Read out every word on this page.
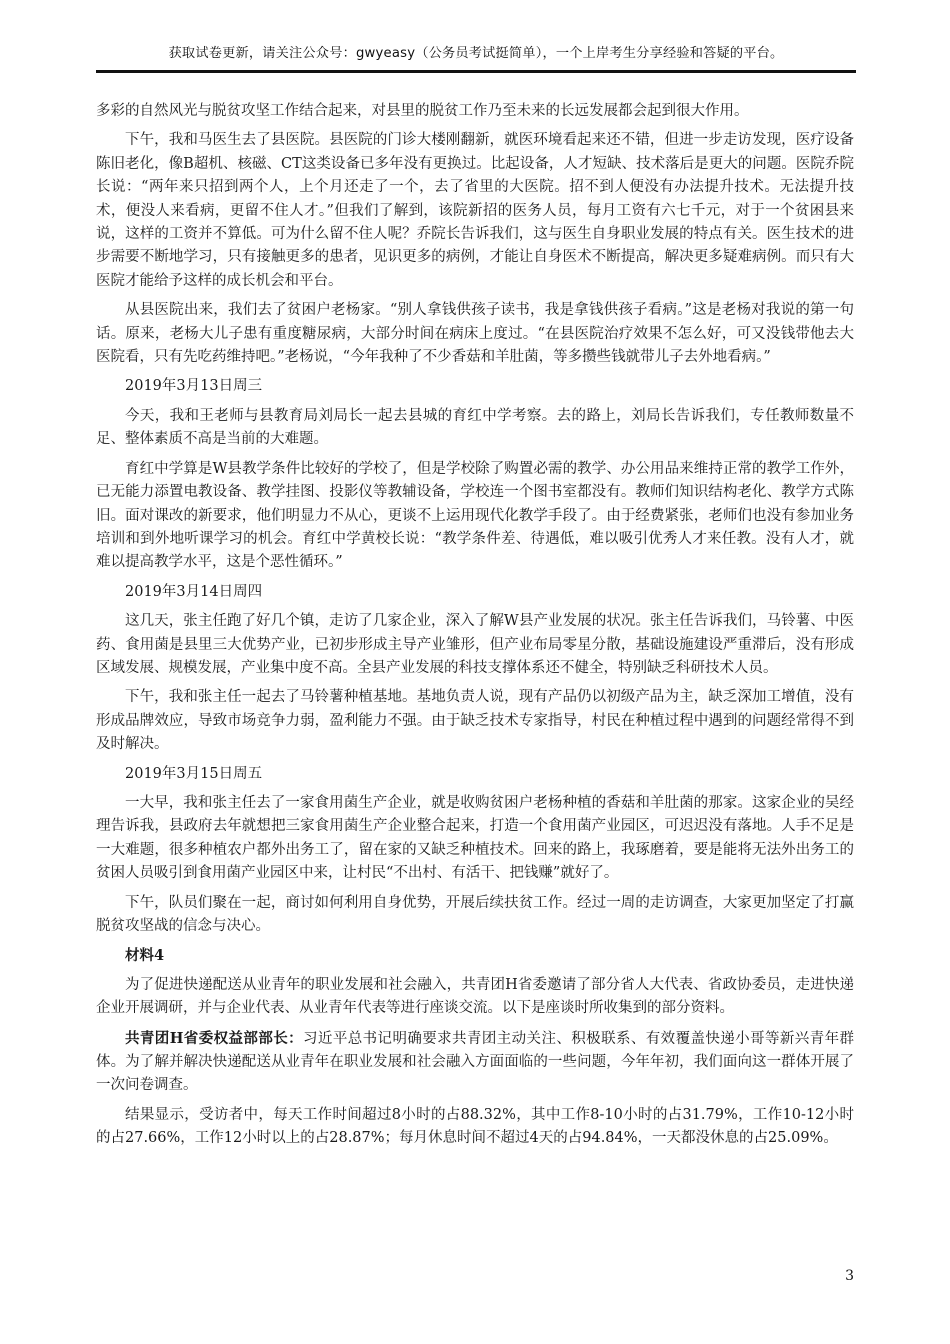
获取试卷更新，请关注公众号：gwyeasy（公务员考试挺简单），一个上岸考生分享经验和答疑的平台。

多彩的自然风光与脱贫攻坚工作结合起来，对县里的脱贫工作乃至未来的长远发展都会起到很大作用。

下午，我和马医生去了县医院。县医院的门诊大楼刚翻新，就医环境看起来还不错，但进一步走访发现，医疗设备陈旧老化，像B超机、核磁、CT这类设备已多年没有更换过。比起设备，人才短缺、技术落后是更大的问题。医院乔院长说：“两年来只招到两个人，上个月还走了一个，去了省里的大医院。招不到人便没有办法提升技术。无法提升技术，便没人来看病，更留不住人才。”但我们了解到，该院新招的医务人员，每月工资有六七千元，对于一个贫困县来说，这样的工资并不算低。可为什么留不住人呢？乔院长告诉我们，这与医生自身职业发展的特点有关。医生技术的进步需要不断地学习，只有接触更多的患者，见识更多的病例，才能让自身医术不断提高，解决更多疑难病例。而只有大医院才能给予这样的成长机会和平台。

从县医院出来，我们去了贫困户老杨家。“别人拿钱供孩子读书，我是拿钱供孩子看病。”这是老杨对我说的第一句话。原来，老杨大儿子患有重度糖尿病，大部分时间在病床上度过。“在县医院治疗效果不怎么好，可又没钱带他去大医院看，只有先吃药维持吧。”老杨说，“今年我种了不少香菇和羊肚菌，等多攒些钱就带儿子去外地看病。”

2019年3月13日周三

今天，我和王老师与县教育局刘局长一起去县城的育红中学考察。去的路上，刘局长告诉我们，专任教师数量不足、整体素质不高是当前的大难题。

育红中学算是W县教学条件比较好的学校了，但是学校除了购置必需的教学、办公用品来维持正常的教学工作外，已无能力添置电教设备、教学挂图、投影仪等教辅设备，学校连一个图书室都没有。教师们知识结构老化、教学方式陈旧。面对课改的新要求，他们明显力不从心，更谈不上运用现代化教学手段了。由于经费紧张，老师们也没有参加业务培训和到外地听课学习的机会。育红中学黄校长说：“教学条件差、待遇低，难以吸引优秀人才来任教。没有人才，就难以提高教学水平，这是个恶性循环。”

2019年3月14日周四

这几天，张主任跑了好几个镇，走访了几家企业，深入了解W县产业发展的状况。张主任告诉我们，马铃薯、中医药、食用菌是县里三大优势产业，已初步形成主导产业雏形，但产业布局零星分散，基础设施建设严重滞后，没有形成区域发展、规模发展，产业集中度不高。全县产业发展的科技支撑体系还不健全，特别缺乏科研技术人员。

下午，我和张主任一起去了马铃薯种植基地。基地负责人说，现有产品仍以初级产品为主，缺乏深加工增值，没有形成品牌效应，导致市场竞争力弱，盈利能力不强。由于缺乏技术专家指导，村民在种植过程中遇到的问题经常得不到及时解决。

2019年3月15日周五

一大早，我和张主任去了一家食用菌生产企业，就是收购贫困户老杨种植的香菇和羊肚菌的那家。这家企业的吴经理告诉我，县政府去年就想把三家食用菌生产企业整合起来，打造一个食用菌产业园区，可迟迟没有落地。人手不足是一大难题，很多种植农户都外出务工了，留在家的又缺乏种植技术。回来的路上，我琢磨着，要是能将无法外出务工的贫困人员吸引到食用菌产业园区中来，让村民“不出村、有活干、把钱赚”就好了。

下午，队员们聚在一起，商讨如何利用自身优势，开展后续扶贫工作。经过一周的走访调查，大家更加坚定了打赢脱贫攻坚战的信念与决心。

材料4

为了促进快递配送从业青年的职业发展和社会融入，共青团H省委邀请了部分省人大代表、省政协委员，走进快递企业开展调研，并与企业代表、从业青年代表等进行座谈交流。以下是座谈时所收集到的部分资料。

共青团H省委权益部部长：习近平总书记明确要求共青团主动关注、积极联系、有效覆盖快递小哥等新兴青年群体。为了解并解决快递配送从业青年在职业发展和社会融入方面面临的一些问题，今年年初，我们面向这一群体开展了一次问卷调查。

结果显示，受访者中，每天工作时间超过8小时的占88.32%，其中工作8-10小时的占31.79%，工作10-12小时的占27.66%，工作12小时以上的占28.87%；每月休息时间不超过4天的占94.84%，一天都没休息的占25.09%。

3
